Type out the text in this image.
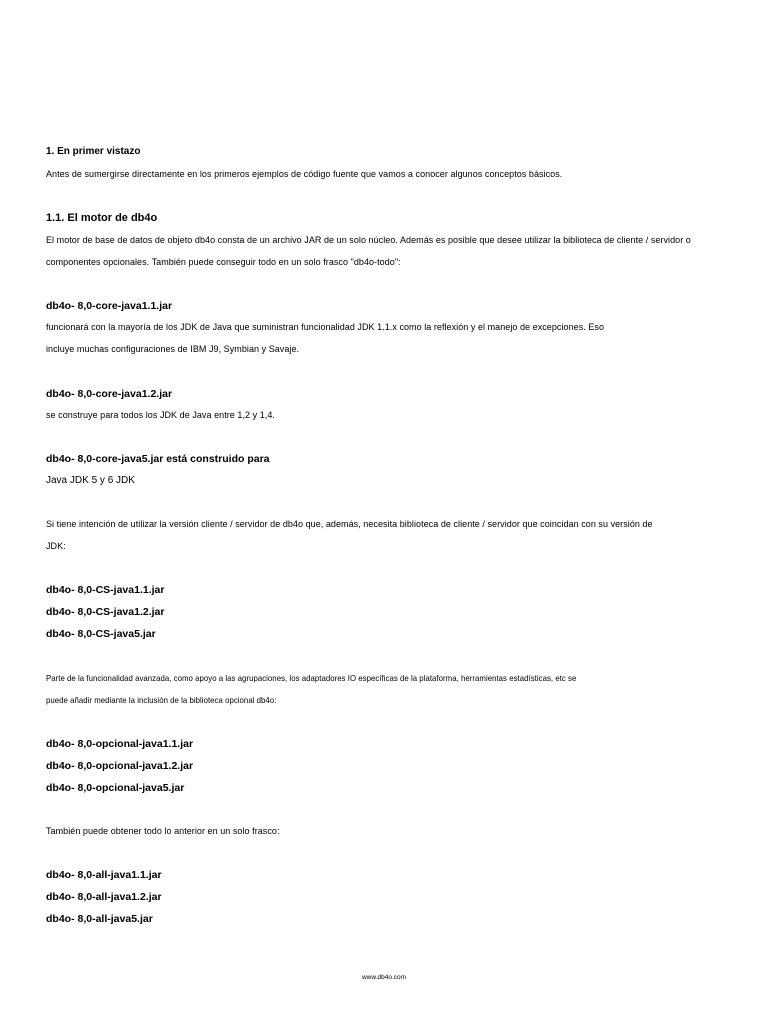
1. En primer vistazo

Antes de sumergirse directamente en los primeros ejemplos de código fuente que vamos a conocer algunos conceptos básicos.

1.1. El motor de db4o

El motor de base de datos de objeto db4o consta de un archivo JAR de un solo núcleo. Además es posible que desee utilizar la biblioteca de cliente / servidor o

componentes opcionales. También puede conseguir todo en un solo frasco "db4o-todo":

db4o- 8,0-core-java1.1.jar

funcionará con la mayoría de los JDK de Java que suministran funcionalidad JDK 1.1.x como la reflexión y el manejo de excepciones. Eso

incluye muchas configuraciones de IBM J9, Symbian y Savaje.

db4o- 8,0-core-java1.2.jar

se construye para todos los JDK de Java entre 1,2 y 1,4.

db4o- 8,0-core-java5.jar está construido para

Java JDK 5 y 6 JDK

Si tiene intención de utilizar la versión cliente / servidor de db4o que, además, necesita biblioteca de cliente / servidor que coincidan con su versión de

JDK:

db4o- 8,0-CS-java1.1.jar

db4o- 8,0-CS-java1.2.jar

db4o- 8,0-CS-java5.jar

Parte de la funcionalidad avanzada, como apoyo a las agrupaciones, los adaptadores IO específicas de la plataforma, herramientas estadísticas, etc se

puede añadir mediante la inclusión de la biblioteca opcional db4o:

db4o- 8,0-opcional-java1.1.jar

db4o- 8,0-opcional-java1.2.jar

db4o- 8,0-opcional-java5.jar

También puede obtener todo lo anterior en un solo frasco:

db4o- 8,0-all-java1.1.jar

db4o- 8,0-all-java1.2.jar

db4o- 8,0-all-java5.jar

www.db4o.com
